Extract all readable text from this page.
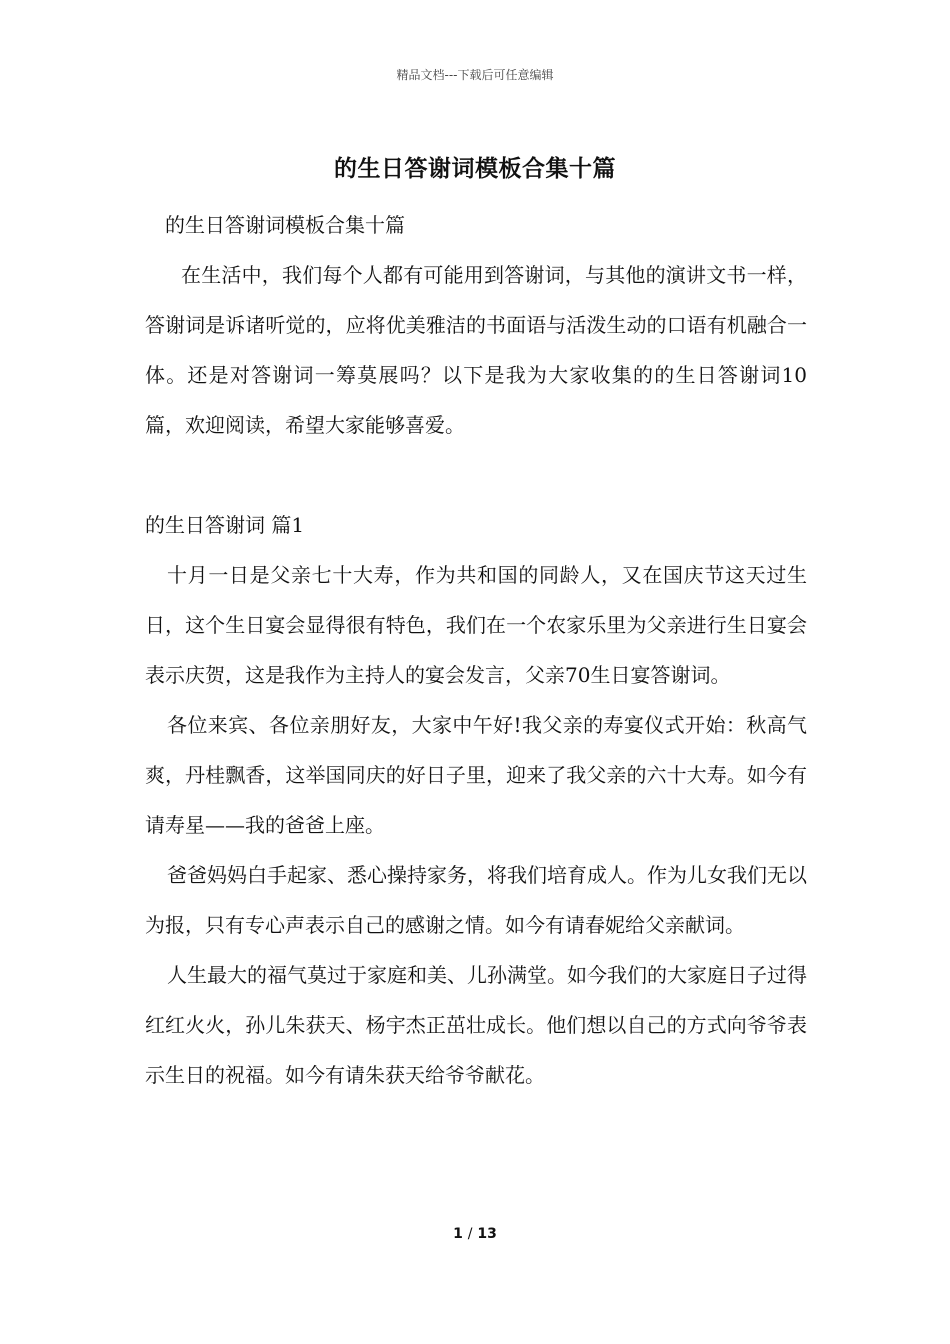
精品文档---下载后可任意编辑
的生日答谢词模板合集十篇

的生日答谢词模板合集十篇

在生活中，我们每个人都有可能用到答谢词，与其他的演讲文书一样，答谢词是诉诸听觉的，应将优美雅洁的书面语与活泼生动的口语有机融合一体。还是对答谢词一筹莫展吗？以下是我为大家收集的的生日答谢词10篇，欢迎阅读，希望大家能够喜爱。

的生日答谢词 篇1

十月一日是父亲七十大寿，作为共和国的同龄人，又在国庆节这天过生日，这个生日宴会显得很有特色，我们在一个农家乐里为父亲进行生日宴会表示庆贺，这是我作为主持人的宴会发言，父亲70生日宴答谢词。

各位来宾、各位亲朋好友，大家中午好!我父亲的寿宴仪式开始：秋高气爽，丹桂飘香，这举国同庆的好日子里，迎来了我父亲的六十大寿。如今有请寿星——我的爸爸上座。

爸爸妈妈白手起家、悉心操持家务，将我们培育成人。作为儿女我们无以为报，只有专心声表示自己的感谢之情。如今有请春妮给父亲献词。

人生最大的福气莫过于家庭和美、儿孙满堂。如今我们的大家庭日子过得红红火火，孙儿朱获天、杨宇杰正茁壮成长。他们想以自己的方式向爷爷表示生日的祝福。如今有请朱获天给爷爷献花。

1 / 13
